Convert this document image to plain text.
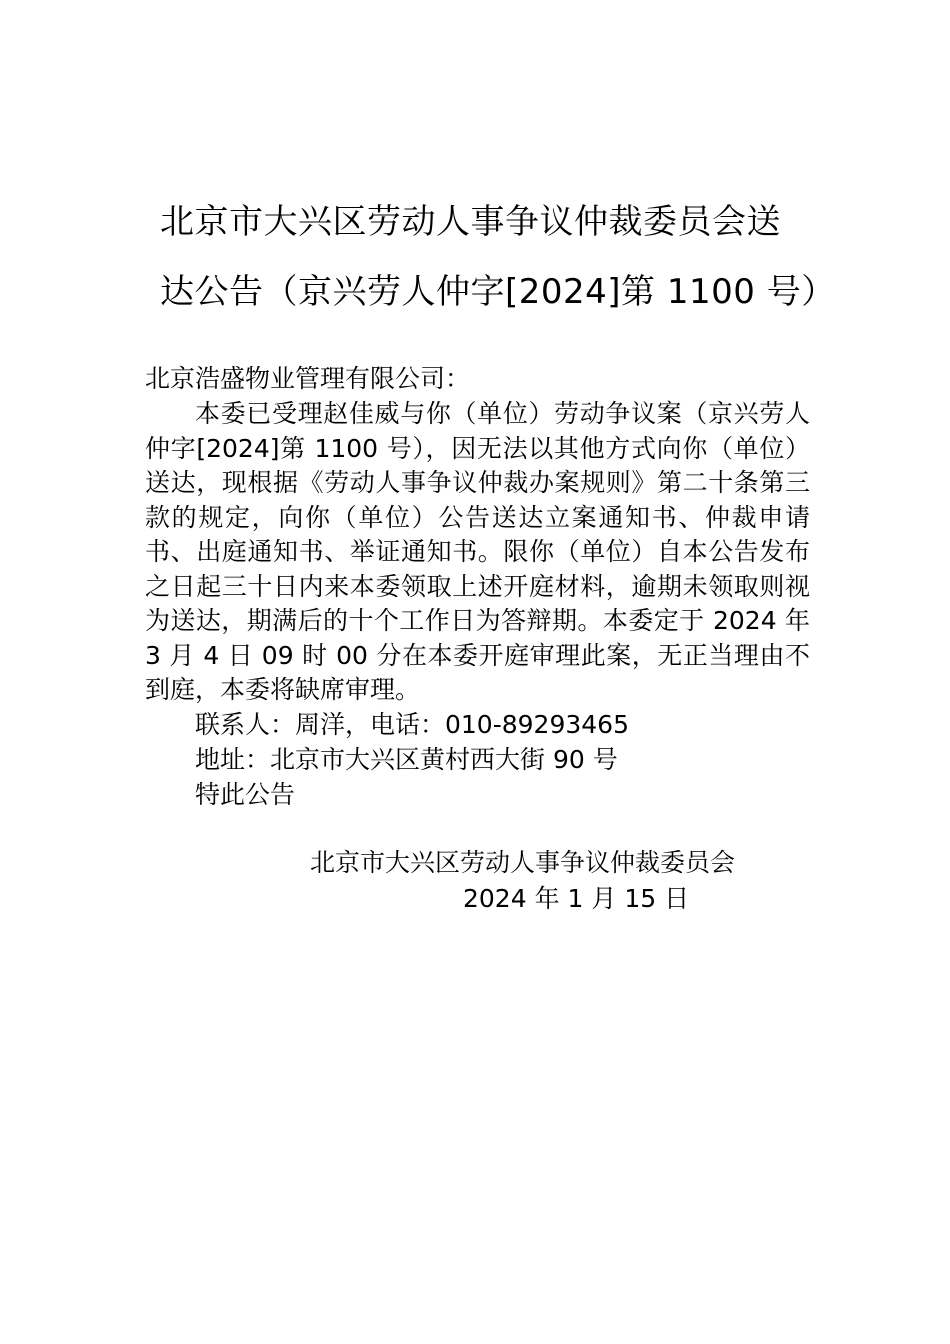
北京市大兴区劳动人事争议仲裁委员会送
达公告（京兴劳人仲字[2024]第 1100 号）
北京浩盛物业管理有限公司：
本委已受理赵佳威与你（单位）劳动争议案（京兴劳人仲字[2024]第 1100 号），因无法以其他方式向你（单位）送达，现根据《劳动人事争议仲裁办案规则》第二十条第三款的规定，向你（单位）公告送达立案通知书、仲裁申请书、出庭通知书、举证通知书。限你（单位）自本公告发布之日起三十日内来本委领取上述开庭材料，逾期未领取则视为送达，期满后的十个工作日为答辩期。本委定于 2024 年 3 月 4 日 09 时 00 分在本委开庭审理此案，无正当理由不到庭，本委将缺席审理。
联系人：周洋，电话：010-89293465
地址：北京市大兴区黄村西大街 90 号
特此公告
北京市大兴区劳动人事争议仲裁委员会
2024 年 1 月 15 日
